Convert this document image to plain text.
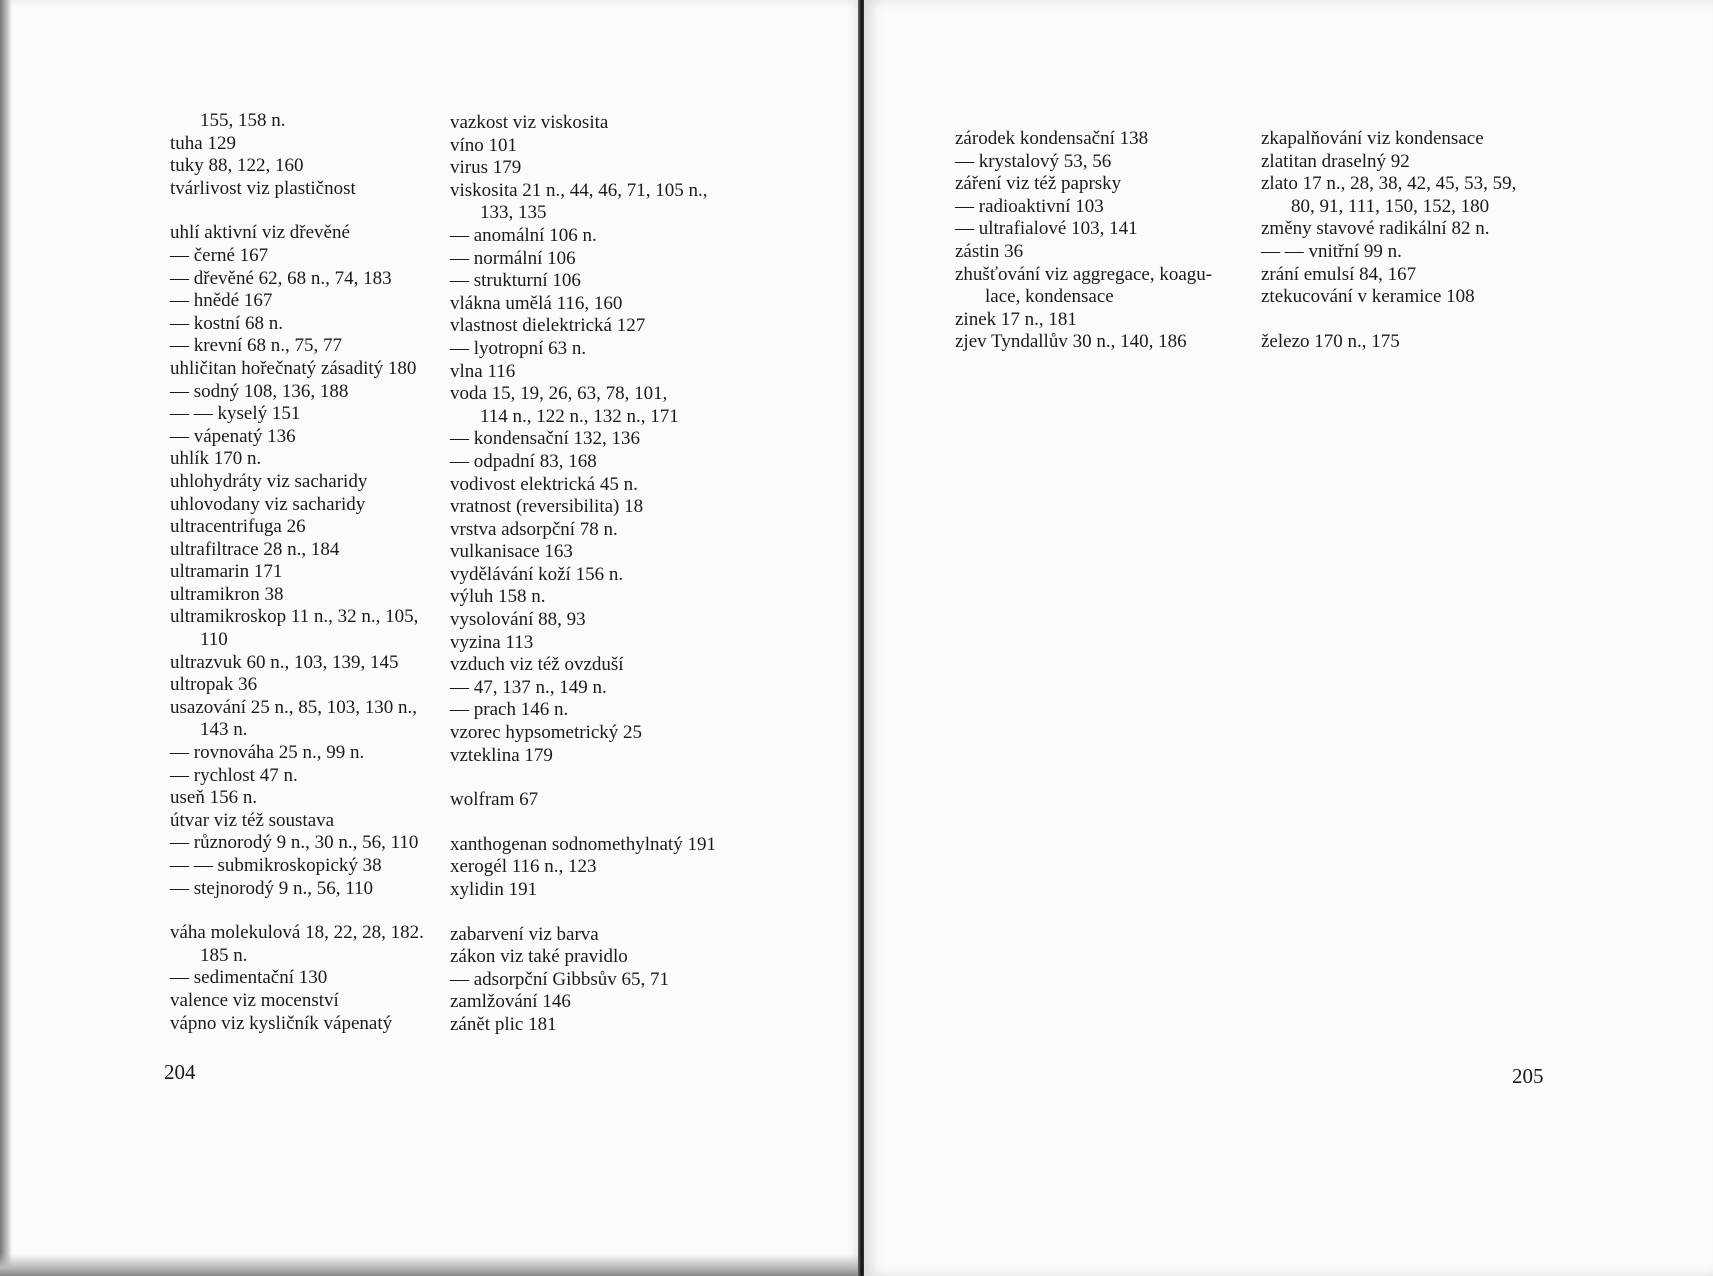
155, 158 n.
tuha 129
tuky 88, 122, 160
tvárlivost viz plastičnost
uhlí aktivní viz dřevěné
— černé 167
— dřevěné 62, 68 n., 74, 183
— hnědé 167
— kostní 68 n.
— krevní 68 n., 75, 77
uhličitan hořečnatý zásaditý 180
— sodný 108, 136, 188
— — kyselý 151
— vápenatý 136
uhlík 170 n.
uhlohydráty viz sacharidy
uhlovodany viz sacharidy
ultracentrifuga 26
ultrafiltrace 28 n., 184
ultramarin 171
ultramikron 38
ultramikroskop 11 n., 32 n., 105,
110
ultrazvuk 60 n., 103, 139, 145
ultropak 36
usazování 25 n., 85, 103, 130 n.,
143 n.
— rovnováha 25 n., 99 n.
— rychlost 47 n.
useň 156 n.
útvar viz též soustava
— různorodý 9 n., 30 n., 56, 110
— — submikroskopický 38
— stejnorodý 9 n., 56, 110
váha molekulová 18, 22, 28, 182.
185 n.
— sedimentační 130
valence viz mocenství
vápno viz kysličník vápenatý
vazkost viz viskosita
víno 101
virus 179
viskosita 21 n., 44, 46, 71, 105 n.,
133, 135
— anomální 106 n.
— normální 106
— strukturní 106
vlákna umělá 116, 160
vlastnost dielektrická 127
— lyotropní 63 n.
vlna 116
voda 15, 19, 26, 63, 78, 101,
114 n., 122 n., 132 n., 171
— kondensační 132, 136
— odpadní 83, 168
vodivost elektrická 45 n.
vratnost (reversibilita) 18
vrstva adsorpční 78 n.
vulkanisace 163
vydělávání koží 156 n.
výluh 158 n.
vysolování 88, 93
vyzina 113
vzduch viz též ovzduší
— 47, 137 n., 149 n.
— prach 146 n.
vzorec hypsometrický 25
vzteklina 179
wolfram 67
xanthogenan sodnomethylnatý 191
xerogél 116 n., 123
xylidin 191
zabarvení viz barva
zákon viz také pravidlo
— adsorpční Gibbsův 65, 71
zamlžování 146
zánět plic 181
204
zárodek kondensační 138
— krystalový 53, 56
záření viz též paprsky
— radioaktivní 103
— ultrafialové 103, 141
zástin 36
zhušťování viz aggregace, koagu-
lace, kondensace
zinek 17 n., 181
zjev Tyndallův 30 n., 140, 186
zkapalňování viz kondensace
zlatitan draselný 92
zlato 17 n., 28, 38, 42, 45, 53, 59,
80, 91, 111, 150, 152, 180
změny stavové radikální 82 n.
— — vnitřní 99 n.
zrání emulsí 84, 167
ztekucování v keramice 108
železo 170 n., 175
205
